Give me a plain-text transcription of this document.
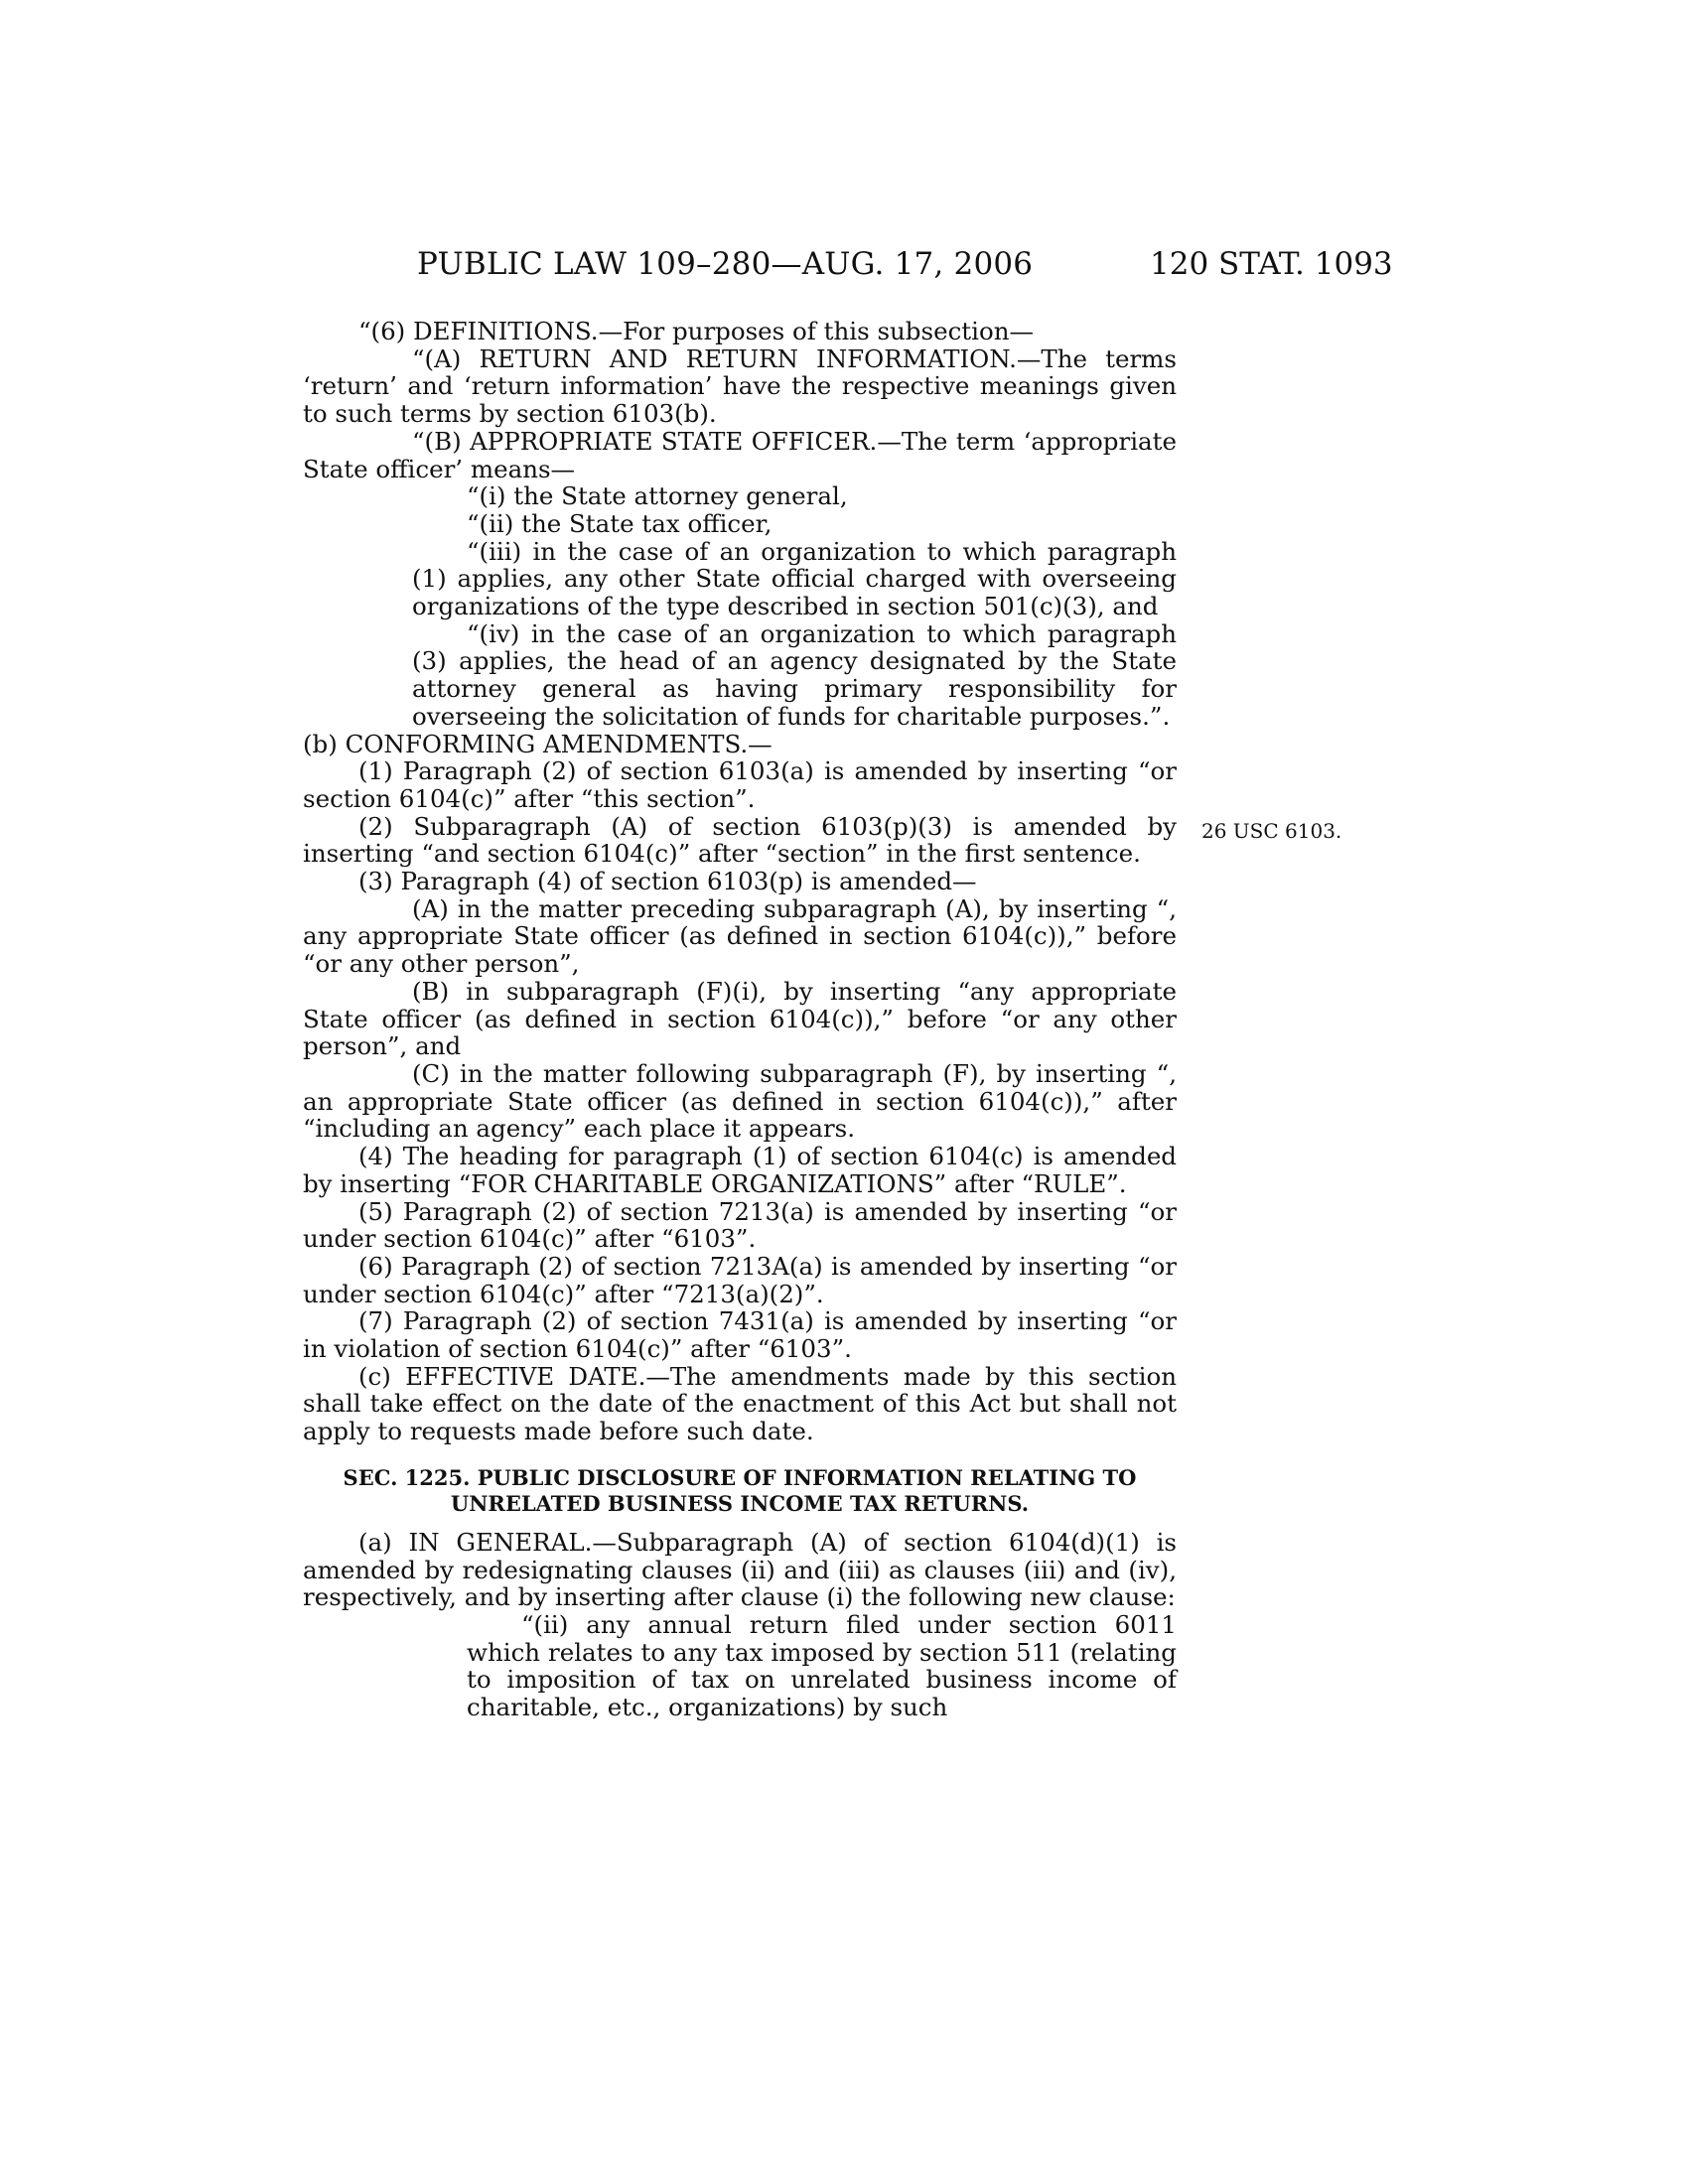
PUBLIC LAW 109–280—AUG. 17, 2006	120 STAT. 1093
26 USC 6103.

“(6) DEFINITIONS.—For purposes of this subsection—

“(A) RETURN AND RETURN INFORMATION.—The terms ‘return’ and ‘return information’ have the respective meanings given to such terms by section 6103(b).

“(B) APPROPRIATE STATE OFFICER.—The term ‘appropriate State officer’ means—

“(i) the State attorney general,

“(ii) the State tax officer,

“(iii) in the case of an organization to which paragraph (1) applies, any other State official charged with overseeing organizations of the type described in section 501(c)(3), and

“(iv) in the case of an organization to which paragraph (3) applies, the head of an agency designated by the State attorney general as having primary responsibility for overseeing the solicitation of funds for charitable purposes.”.

(b) CONFORMING AMENDMENTS.—

(1) Paragraph (2) of section 6103(a) is amended by inserting “or section 6104(c)” after “this section”.

(2) Subparagraph (A) of section 6103(p)(3) is amended by inserting “and section 6104(c)” after “section” in the first sentence.

(3) Paragraph (4) of section 6103(p) is amended—

(A) in the matter preceding subparagraph (A), by inserting “, any appropriate State officer (as defined in section 6104(c)),” before “or any other person”,

(B) in subparagraph (F)(i), by inserting “any appropriate State officer (as defined in section 6104(c)),” before “or any other person”, and

(C) in the matter following subparagraph (F), by inserting “, an appropriate State officer (as defined in section 6104(c)),” after “including an agency” each place it appears.

(4) The heading for paragraph (1) of section 6104(c) is amended by inserting “FOR CHARITABLE ORGANIZATIONS” after “RULE”.

(5) Paragraph (2) of section 7213(a) is amended by inserting “or under section 6104(c)” after “6103”.

(6) Paragraph (2) of section 7213A(a) is amended by inserting “or under section 6104(c)” after “7213(a)(2)”.

(7) Paragraph (2) of section 7431(a) is amended by inserting “or in violation of section 6104(c)” after “6103”.

(c) EFFECTIVE DATE.—The amendments made by this section shall take effect on the date of the enactment of this Act but shall not apply to requests made before such date.

SEC. 1225. PUBLIC DISCLOSURE OF INFORMATION RELATING TO UNRELATED BUSINESS INCOME TAX RETURNS.

(a) IN GENERAL.—Subparagraph (A) of section 6104(d)(1) is amended by redesignating clauses (ii) and (iii) as clauses (iii) and (iv), respectively, and by inserting after clause (i) the following new clause:

“(ii) any annual return filed under section 6011 which relates to any tax imposed by section 511 (relating to imposition of tax on unrelated business income of charitable, etc., organizations) by such
